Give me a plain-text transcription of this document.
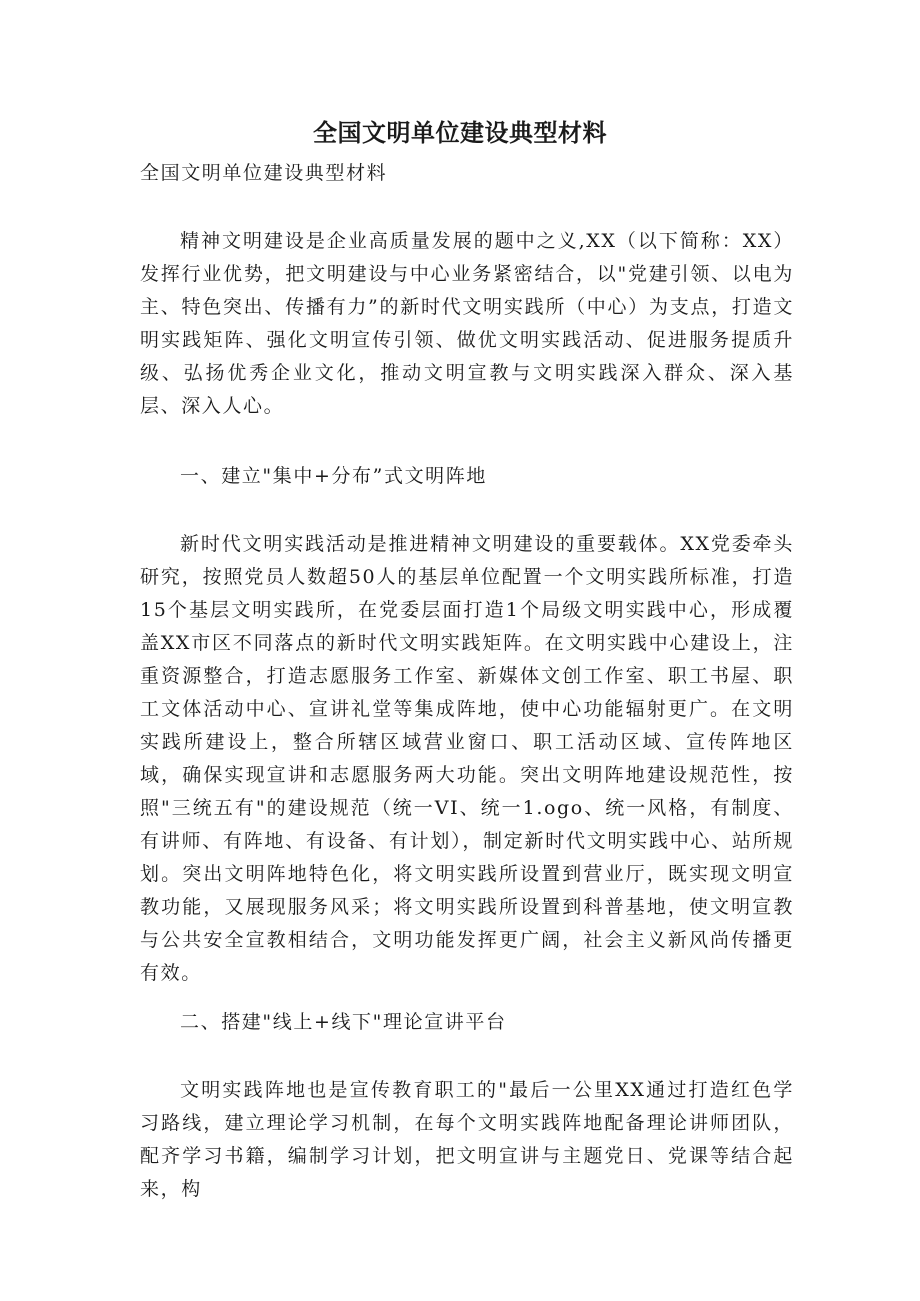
全国文明单位建设典型材料

全国文明单位建设典型材料

精神文明建设是企业高质量发展的题中之义,XX（以下简称：XX）发挥行业优势，把文明建设与中心业务紧密结合，以"党建引领、以电为主、特色突出、传播有力”的新时代文明实践所（中心）为支点，打造文明实践矩阵、强化文明宣传引领、做优文明实践活动、促进服务提质升级、弘扬优秀企业文化，推动文明宣教与文明实践深入群众、深入基层、深入人心。

一、建立"集中+分布”式文明阵地

新时代文明实践活动是推进精神文明建设的重要载体。XX党委牵头研究，按照党员人数超50人的基层单位配置一个文明实践所标准，打造15个基层文明实践所，在党委层面打造1个局级文明实践中心，形成覆盖XX市区不同落点的新时代文明实践矩阵。在文明实践中心建设上，注重资源整合，打造志愿服务工作室、新媒体文创工作室、职工书屋、职工文体活动中心、宣讲礼堂等集成阵地，使中心功能辐射更广。在文明实践所建设上，整合所辖区域营业窗口、职工活动区域、宣传阵地区域，确保实现宣讲和志愿服务两大功能。突出文明阵地建设规范性，按照"三统五有"的建设规范（统一VI、统一1.ogo、统一风格，有制度、有讲师、有阵地、有设备、有计划），制定新时代文明实践中心、站所规划。突出文明阵地特色化，将文明实践所设置到营业厅，既实现文明宣教功能，又展现服务风采；将文明实践所设置到科普基地，使文明宣教与公共安全宣教相结合，文明功能发挥更广阔，社会主义新风尚传播更有效。

二、搭建"线上+线下"理论宣讲平台

文明实践阵地也是宣传教育职工的"最后一公里XX通过打造红色学习路线，建立理论学习机制，在每个文明实践阵地配备理论讲师团队，配齐学习书籍，编制学习计划，把文明宣讲与主题党日、党课等结合起来，构
